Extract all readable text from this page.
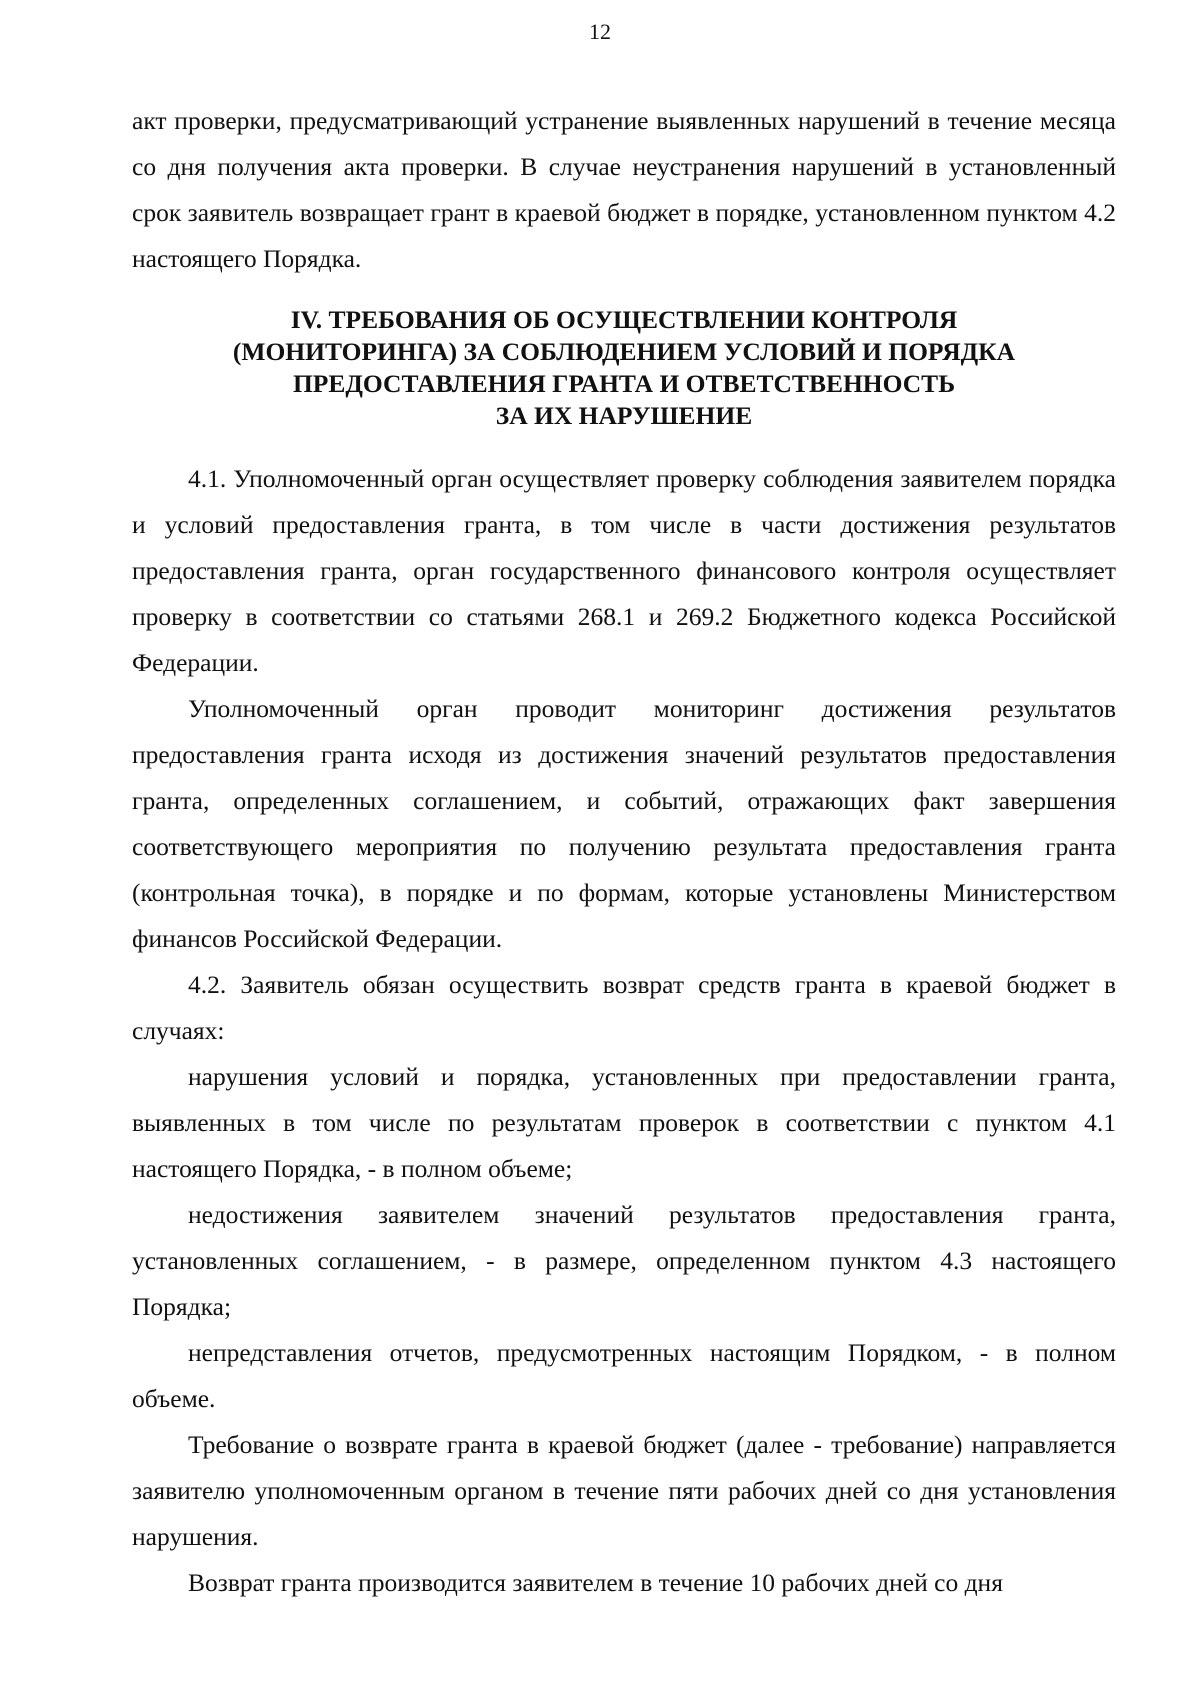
12

акт проверки, предусматривающий устранение выявленных нарушений в течение месяца со дня получения акта проверки. В случае неустранения нарушений в установленный срок заявитель возвращает грант в краевой бюджет в порядке, установленном пунктом 4.2 настоящего Порядка.

IV. ТРЕБОВАНИЯ ОБ ОСУЩЕСТВЛЕНИИ КОНТРОЛЯ
(МОНИТОРИНГА) ЗА СОБЛЮДЕНИЕМ УСЛОВИЙ И ПОРЯДКА
ПРЕДОСТАВЛЕНИЯ ГРАНТА И ОТВЕТСТВЕННОСТЬ
ЗА ИХ НАРУШЕНИЕ

4.1. Уполномоченный орган осуществляет проверку соблюдения заявителем порядка и условий предоставления гранта, в том числе в части достижения результатов предоставления гранта, орган государственного финансового контроля осуществляет проверку в соответствии со статьями 268.1 и 269.2 Бюджетного кодекса Российской Федерации.

Уполномоченный орган проводит мониторинг достижения результатов предоставления гранта исходя из достижения значений результатов предоставления гранта, определенных соглашением, и событий, отражающих факт завершения соответствующего мероприятия по получению результата предоставления гранта (контрольная точка), в порядке и по формам, которые установлены Министерством финансов Российской Федерации.

4.2. Заявитель обязан осуществить возврат средств гранта в краевой бюджет в случаях:

нарушения условий и порядка, установленных при предоставлении гранта, выявленных в том числе по результатам проверок в соответствии с пунктом 4.1 настоящего Порядка, - в полном объеме;

недостижения заявителем значений результатов предоставления гранта, установленных соглашением, - в размере, определенном пунктом 4.3 настоящего Порядка;

непредставления отчетов, предусмотренных настоящим Порядком, - в полном объеме.

Требование о возврате гранта в краевой бюджет (далее - требование) направляется заявителю уполномоченным органом в течение пяти рабочих дней со дня установления нарушения.

Возврат гранта производится заявителем в течение 10 рабочих дней со дня
